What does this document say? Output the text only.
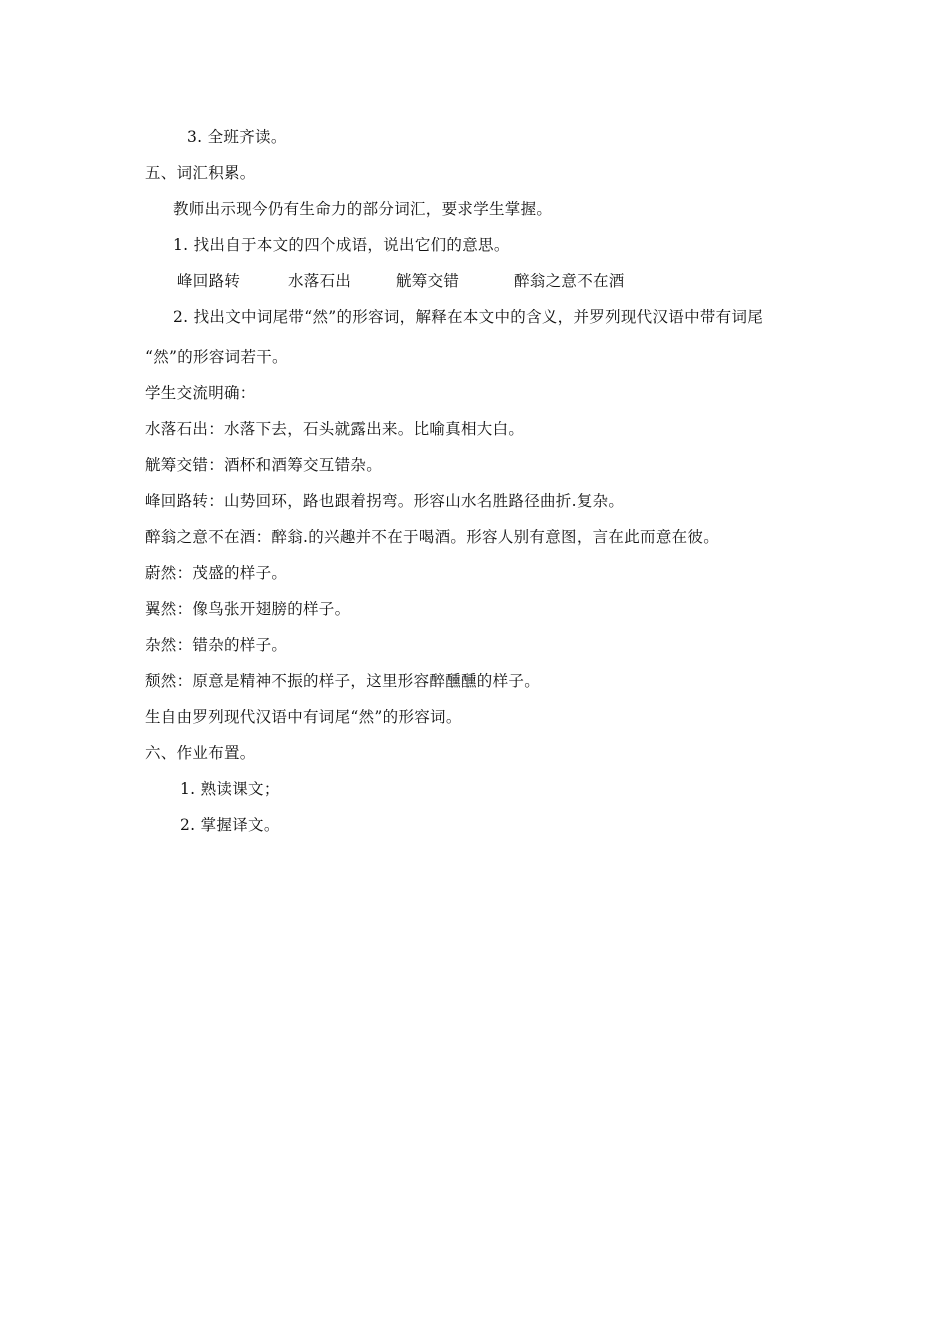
3. 全班齐读。
五、词汇积累。
教师出示现今仍有生命力的部分词汇，要求学生掌握。
1. 找出自于本文的四个成语，说出它们的意思。
峰回路转	水落石出	觥筹交错	醉翁之意不在酒
2. 找出文中词尾带“然”的形容词，解释在本文中的含义，并罗列现代汉语中带有词尾
“然”的形容词若干。
学生交流明确：
水落石出：水落下去，石头就露出来。比喻真相大白。
觥筹交错：酒杯和酒筹交互错杂。
峰回路转：山势回环，路也跟着拐弯。形容山水名胜路径曲折.复杂。
醉翁之意不在酒：醉翁.的兴趣并不在于喝酒。形容人别有意图，言在此而意在彼。
蔚然：茂盛的样子。
翼然：像鸟张开翅膀的样子。
杂然：错杂的样子。
颓然：原意是精神不振的样子，这里形容醉醺醺的样子。
生自由罗列现代汉语中有词尾“然”的形容词。
六、作业布置。
1. 熟读课文；
2. 掌握译文。
